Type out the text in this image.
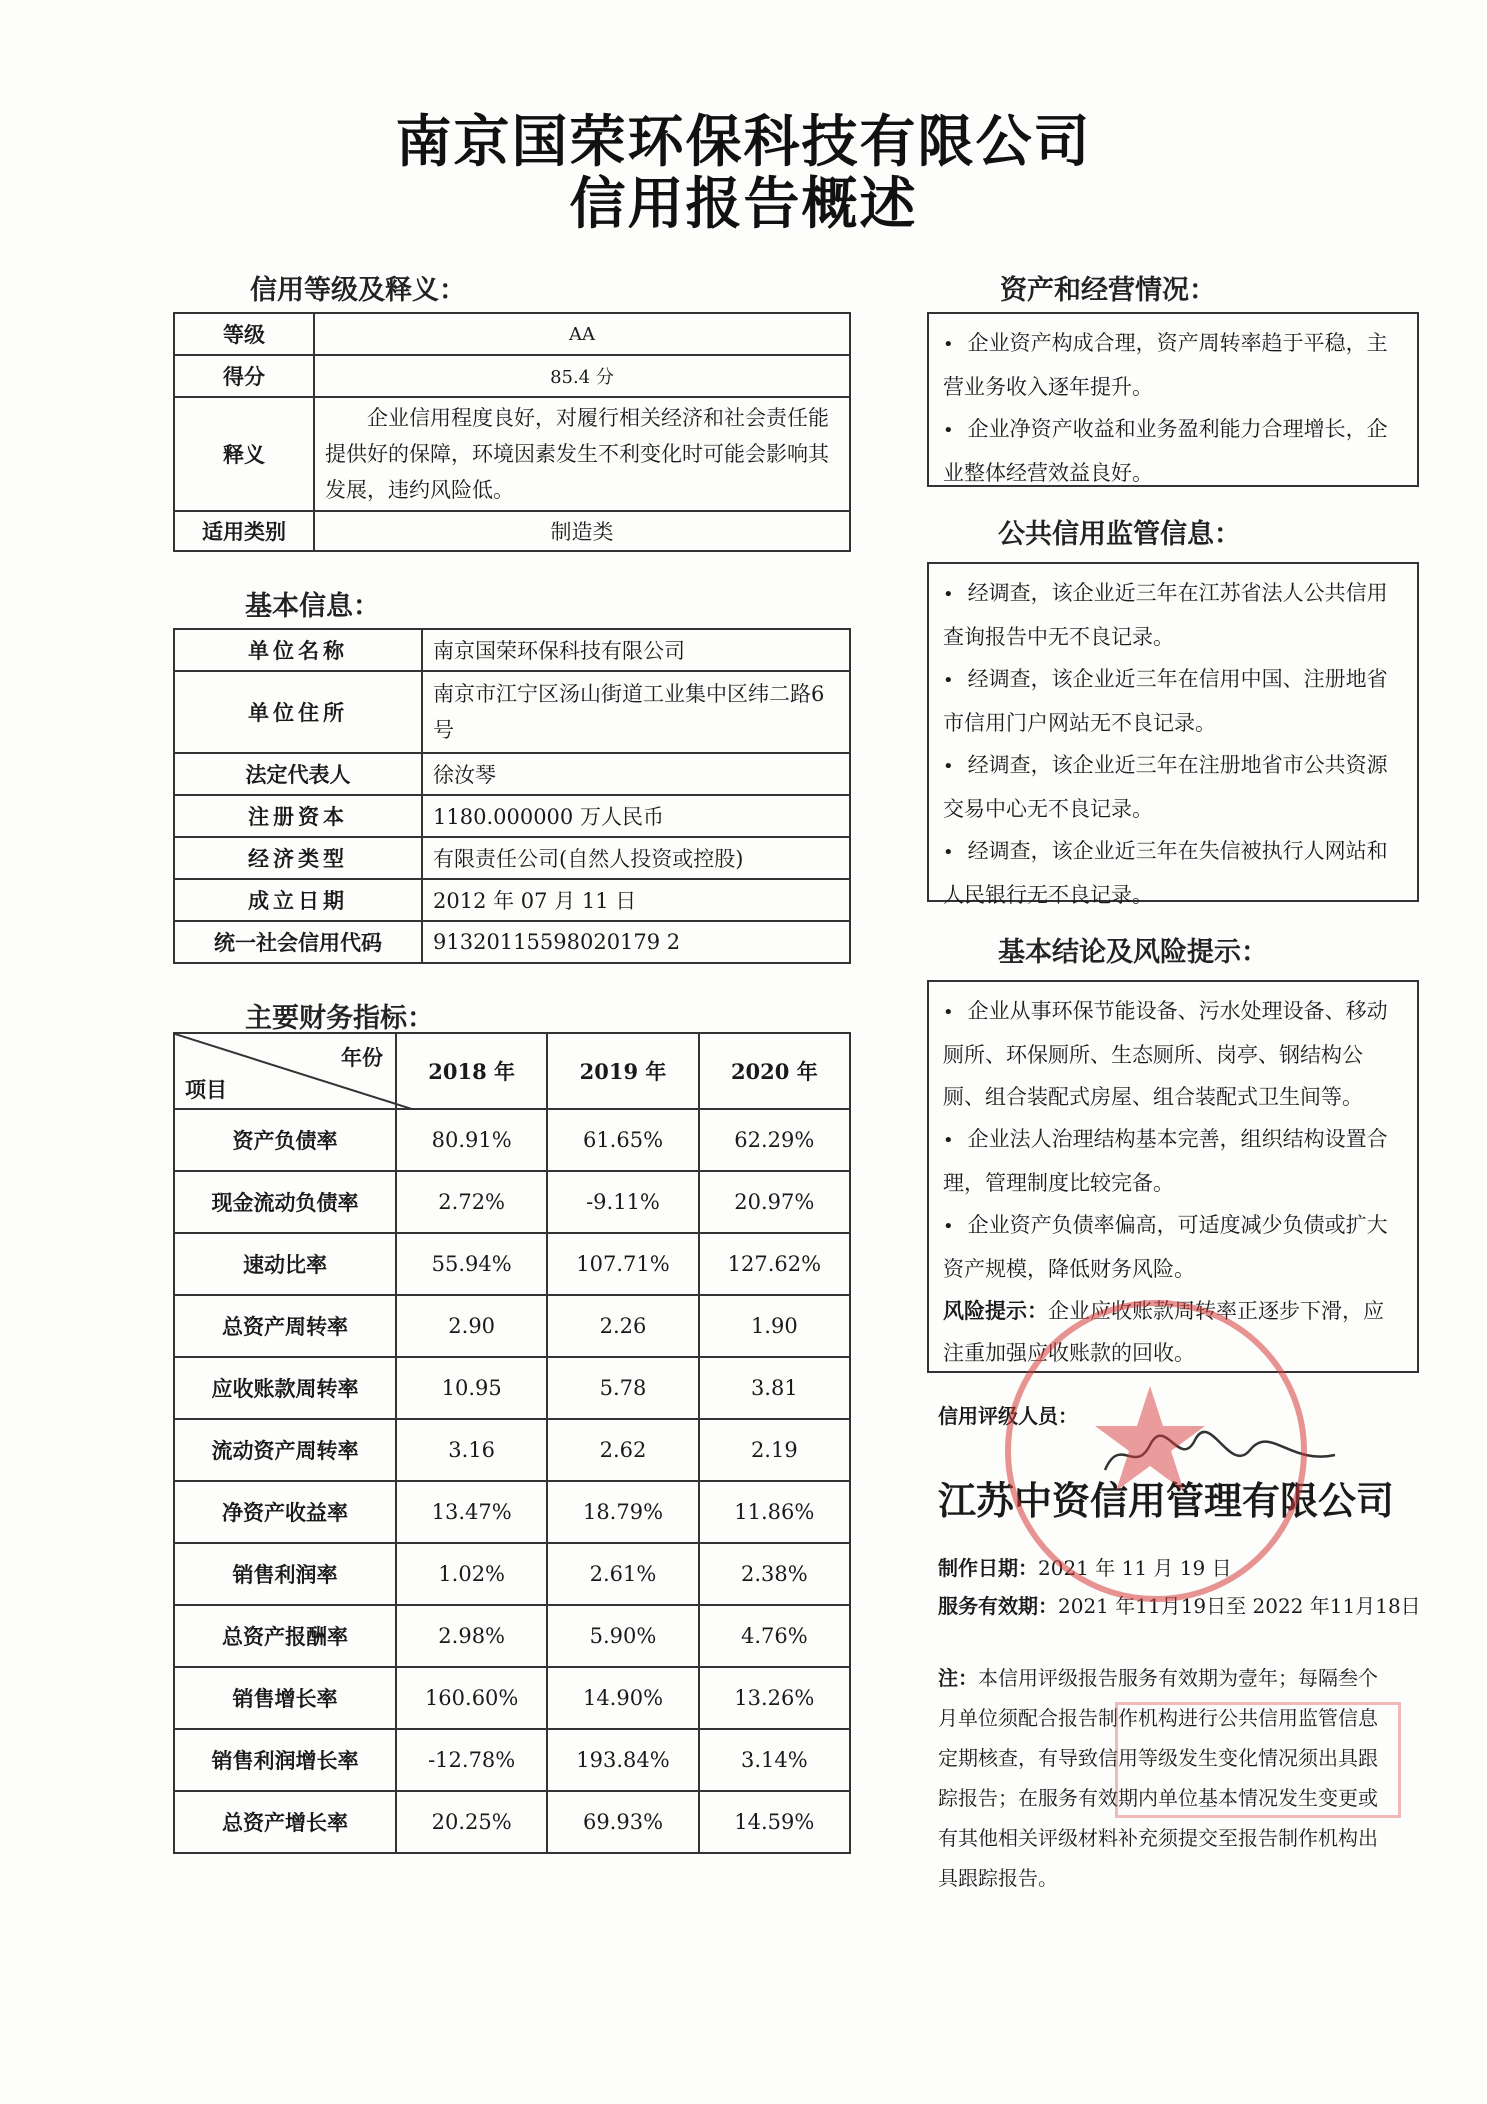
南京国荣环保科技有限公司
信用报告概述
信用等级及释义：
等级	AA
得分	85.4 分
释义	企业信用程度良好，对履行相关经济和社会责任能提供好的保障，环境因素发生不利变化时可能会影响其发展，违约风险低。
适用类别	制造类
基本信息：
单位名称	南京国荣环保科技有限公司
单位住所	南京市江宁区汤山街道工业集中区纬二路6号
法定代表人	徐汝琴
注册资本	1180.000000 万人民币
经济类型	有限责任公司(自然人投资或控股)
成立日期	2012 年 07 月 11 日
统一社会信用代码	91320115598020179 2
主要财务指标：
年份
项目	2018 年	2019 年	2020 年
资产负债率	80.91%	61.65%	62.29%
现金流动负债率	2.72%	-9.11%	20.97%
速动比率	55.94%	107.71%	127.62%
总资产周转率	2.90	2.26	1.90
应收账款周转率	10.95	5.78	3.81
流动资产周转率	3.16	2.62	2.19
净资产收益率	13.47%	18.79%	11.86%
销售利润率	1.02%	2.61%	2.38%
总资产报酬率	2.98%	5.90%	4.76%
销售增长率	160.60%	14.90%	13.26%
销售利润增长率	-12.78%	193.84%	3.14%
总资产增长率	20.25%	69.93%	14.59%
资产和经营情况：

• 企业资产构成合理，资产周转率趋于平稳，主营业务收入逐年提升。

• 企业净资产收益和业务盈利能力合理增长，企业整体经营效益良好。

公共信用监管信息：

• 经调查，该企业近三年在江苏省法人公共信用查询报告中无不良记录。

• 经调查，该企业近三年在信用中国、注册地省市信用门户网站无不良记录。

• 经调查，该企业近三年在注册地省市公共资源交易中心无不良记录。

• 经调查，该企业近三年在失信被执行人网站和人民银行无不良记录。

基本结论及风险提示：

• 企业从事环保节能设备、污水处理设备、移动厕所、环保厕所、生态厕所、岗亭、钢结构公厕、组合装配式房屋、组合装配式卫生间等。

• 企业法人治理结构基本完善，组织结构设置合理，管理制度比较完备。

• 企业资产负债率偏高，可适度减少负债或扩大资产规模，降低财务风险。

风险提示：企业应收账款周转率正逐步下滑，应注重加强应收账款的回收。

信用评级人员：
江苏中资信用管理有限公司
制作日期：2021 年 11 月 19 日
服务有效期：2021 年11月19日至 2022 年11月18日
注：本信用评级报告服务有效期为壹年；每隔叁个月单位须配合报告制作机构进行公共信用监管信息定期核查，有导致信用等级发生变化情况须出具跟踪报告；在服务有效期内单位基本情况发生变更或有其他相关评级材料补充须提交至报告制作机构出具跟踪报告。
